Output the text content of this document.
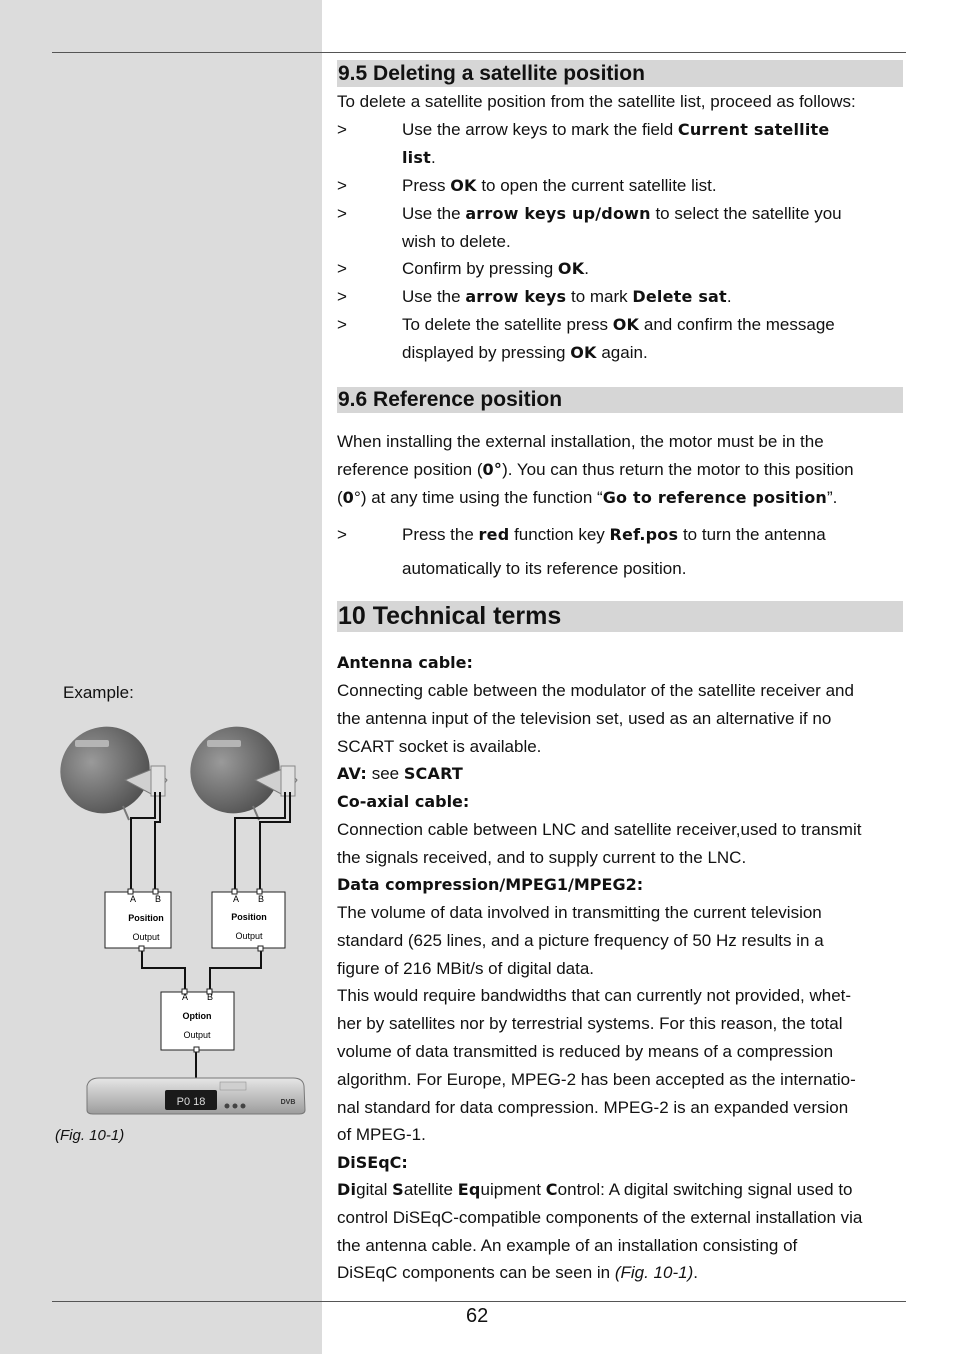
9.5 Deleting a satellite position

To delete a satellite position from the satellite list, proceed as follows:

>	Use the arrow keys to mark the field Current satellite
list.
>	Press OK to open the current satellite list.
>	Use the arrow keys up/down to select the satellite you
wish to delete.
>	Confirm by pressing OK.
>	Use the arrow keys to mark Delete sat.
>	To delete the satellite press OK and confirm the message
displayed by pressing OK again.
9.6 Reference position
When installing the external installation, the motor must be in the
reference position (0°). You can thus return the motor to this position
(0°) at any time using the function “Go to reference position”.
>	Press the red function key Ref.pos to turn the antenna
automatically to its reference position.
10 Technical terms
Antenna cable:
Connecting cable between the modulator of the satellite receiver and
the antenna input of the television set, used as an alternative if no
SCART socket is available.
AV: see SCART
Co-axial cable:
Connection cable between LNC and satellite receiver,used to transmit
the signals received, and to supply current to the LNC.
Data compression/MPEG1/MPEG2:
The volume of data involved in transmitting the current television
standard (625 lines, and a picture frequency of 50 Hz results in a
figure of 216 MBit/s of digital data.
This would require bandwidths that can currently not provided, whet-
her by satellites nor by terrestrial systems. For this reason, the total
volume of data transmitted is reduced by means of a compression
algorithm. For Europe, MPEG-2 has been accepted as the internatio-
nal standard for data compression. MPEG-2 is an expanded version
of MPEG-1.
DiSEqC:
Digital Satellite Equipment Control: A digital switching signal used to
control DiSEqC-compatible components of the external installation via
the antenna cable. An example of an installation consisting of
DiSEqC components can be seen in (Fig. 10-1).
Example:
A B
Position
Output
A B
Position
Output
A B
Option
Output
P0 18	DVB
(Fig. 10-1)
62
